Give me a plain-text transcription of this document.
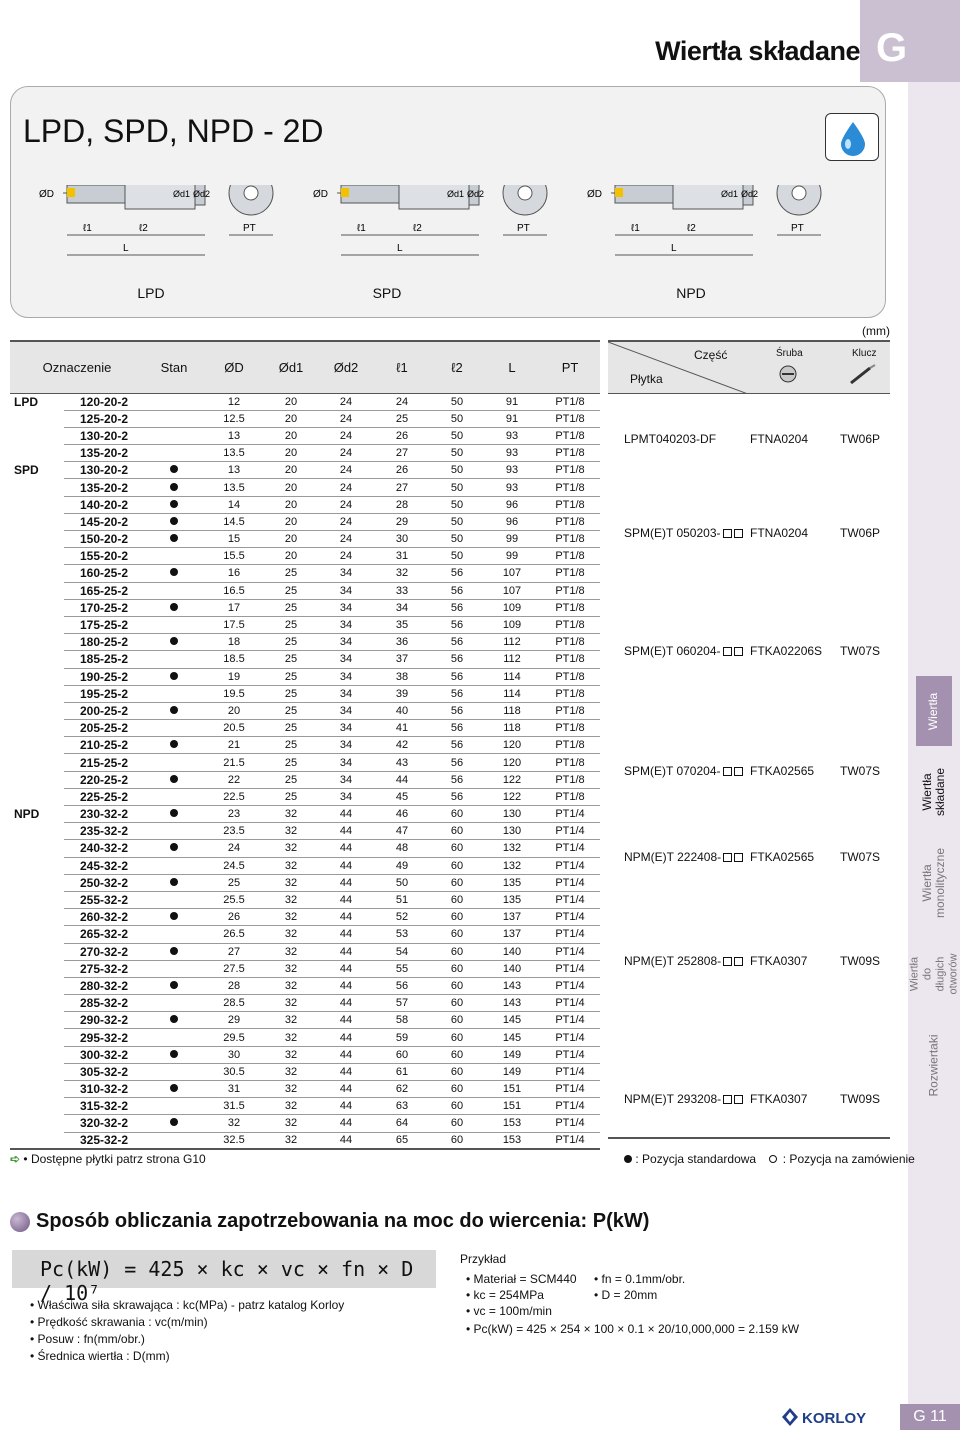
Wiertła składane G
LPD, SPD, NPD - 2D
ØD	Ød1 Ød2
ℓ1	ℓ2
L
PT
ØD	Ød1 Ød2
ℓ1	ℓ2
L
PT
ØD	Ød1 Ød2
ℓ1	ℓ2
L
PT
LPD	SPD	NPD
(mm)
Oznaczenie		Stan	ØD	Ød1	Ød2	ℓ1	ℓ2	L	PT
LPD	120-20-2		12	20	24	24	50	91	PT1/8
	125-20-2		12.5	20	24	25	50	91	PT1/8
	130-20-2		13	20	24	26	50	93	PT1/8
	135-20-2		13.5	20	24	27	50	93	PT1/8
SPD	130-20-2		13	20	24	26	50	93	PT1/8
	135-20-2		13.5	20	24	27	50	93	PT1/8
	140-20-2		14	20	24	28	50	96	PT1/8
	145-20-2		14.5	20	24	29	50	96	PT1/8
	150-20-2		15	20	24	30	50	99	PT1/8
	155-20-2		15.5	20	24	31	50	99	PT1/8
	160-25-2		16	25	34	32	56	107	PT1/8
	165-25-2		16.5	25	34	33	56	107	PT1/8
	170-25-2		17	25	34	34	56	109	PT1/8
	175-25-2		17.5	25	34	35	56	109	PT1/8
	180-25-2		18	25	34	36	56	112	PT1/8
	185-25-2		18.5	25	34	37	56	112	PT1/8
	190-25-2		19	25	34	38	56	114	PT1/8
	195-25-2		19.5	25	34	39	56	114	PT1/8
	200-25-2		20	25	34	40	56	118	PT1/8
	205-25-2		20.5	25	34	41	56	118	PT1/8
	210-25-2		21	25	34	42	56	120	PT1/8
	215-25-2		21.5	25	34	43	56	120	PT1/8
	220-25-2		22	25	34	44	56	122	PT1/8
	225-25-2		22.5	25	34	45	56	122	PT1/8
NPD	230-32-2		23	32	44	46	60	130	PT1/4
	235-32-2		23.5	32	44	47	60	130	PT1/4
	240-32-2		24	32	44	48	60	132	PT1/4
	245-32-2		24.5	32	44	49	60	132	PT1/4
	250-32-2		25	32	44	50	60	135	PT1/4
	255-32-2		25.5	32	44	51	60	135	PT1/4
	260-32-2		26	32	44	52	60	137	PT1/4
	265-32-2		26.5	32	44	53	60	137	PT1/4
	270-32-2		27	32	44	54	60	140	PT1/4
	275-32-2		27.5	32	44	55	60	140	PT1/4
	280-32-2		28	32	44	56	60	143	PT1/4
	285-32-2		28.5	32	44	57	60	143	PT1/4
	290-32-2		29	32	44	58	60	145	PT1/4
	295-32-2		29.5	32	44	59	60	145	PT1/4
	300-32-2		30	32	44	60	60	149	PT1/4
	305-32-2		30.5	32	44	61	60	149	PT1/4
	310-32-2		31	32	44	62	60	151	PT1/4
	315-32-2		31.5	32	44	63	60	151	PT1/4
	320-32-2		32	32	44	64	60	153	PT1/4
	325-32-2		32.5	32	44	65	60	153	PT1/4
Część
Płytka
Śruba	Klucz
LPMT040203-DF	FTNA0204	TW06P
SPM(E)T 050203-	FTNA0204	TW06P
SPM(E)T 060204-	FTKA02206S TW07S
SPM(E)T 070204-	FTKA02565 TW07S
NPM(E)T 222408-	FTKA02565 TW07S
NPM(E)T 252808-	FTKA0307	TW09S
NPM(E)T 293208-	FTKA0307	TW09S
➪ • Dostępne płytki patrz strona G10	: Pozycja standardowa : Pozycja na zamówienie
Wiertła
Wiertła składane
Wiertła monolityczne
Wiertła do długich otworów
Rozwiertaki
Sposób obliczania zapotrzebowania na moc do wiercenia: P(kW)
Pc(kW) = 425 × kc × vc × fn × D / 10⁷
• Właściwa siła skrawająca : kc(MPa) - patrz katalog Korloy
• Prędkość skrawania : vc(m/min)
• Posuw : fn(mm/obr.)
• Średnica wiertła : D(mm)
Przykład
• Materiał = SCM440 • fn = 0.1mm/obr.
• kc = 254MPa	• D = 20mm
• vc = 100m/min
• Pc(kW) = 425 × 254 × 100 × 0.1 × 20/10,000,000 = 2.159 kW
KORLOY	G 11
